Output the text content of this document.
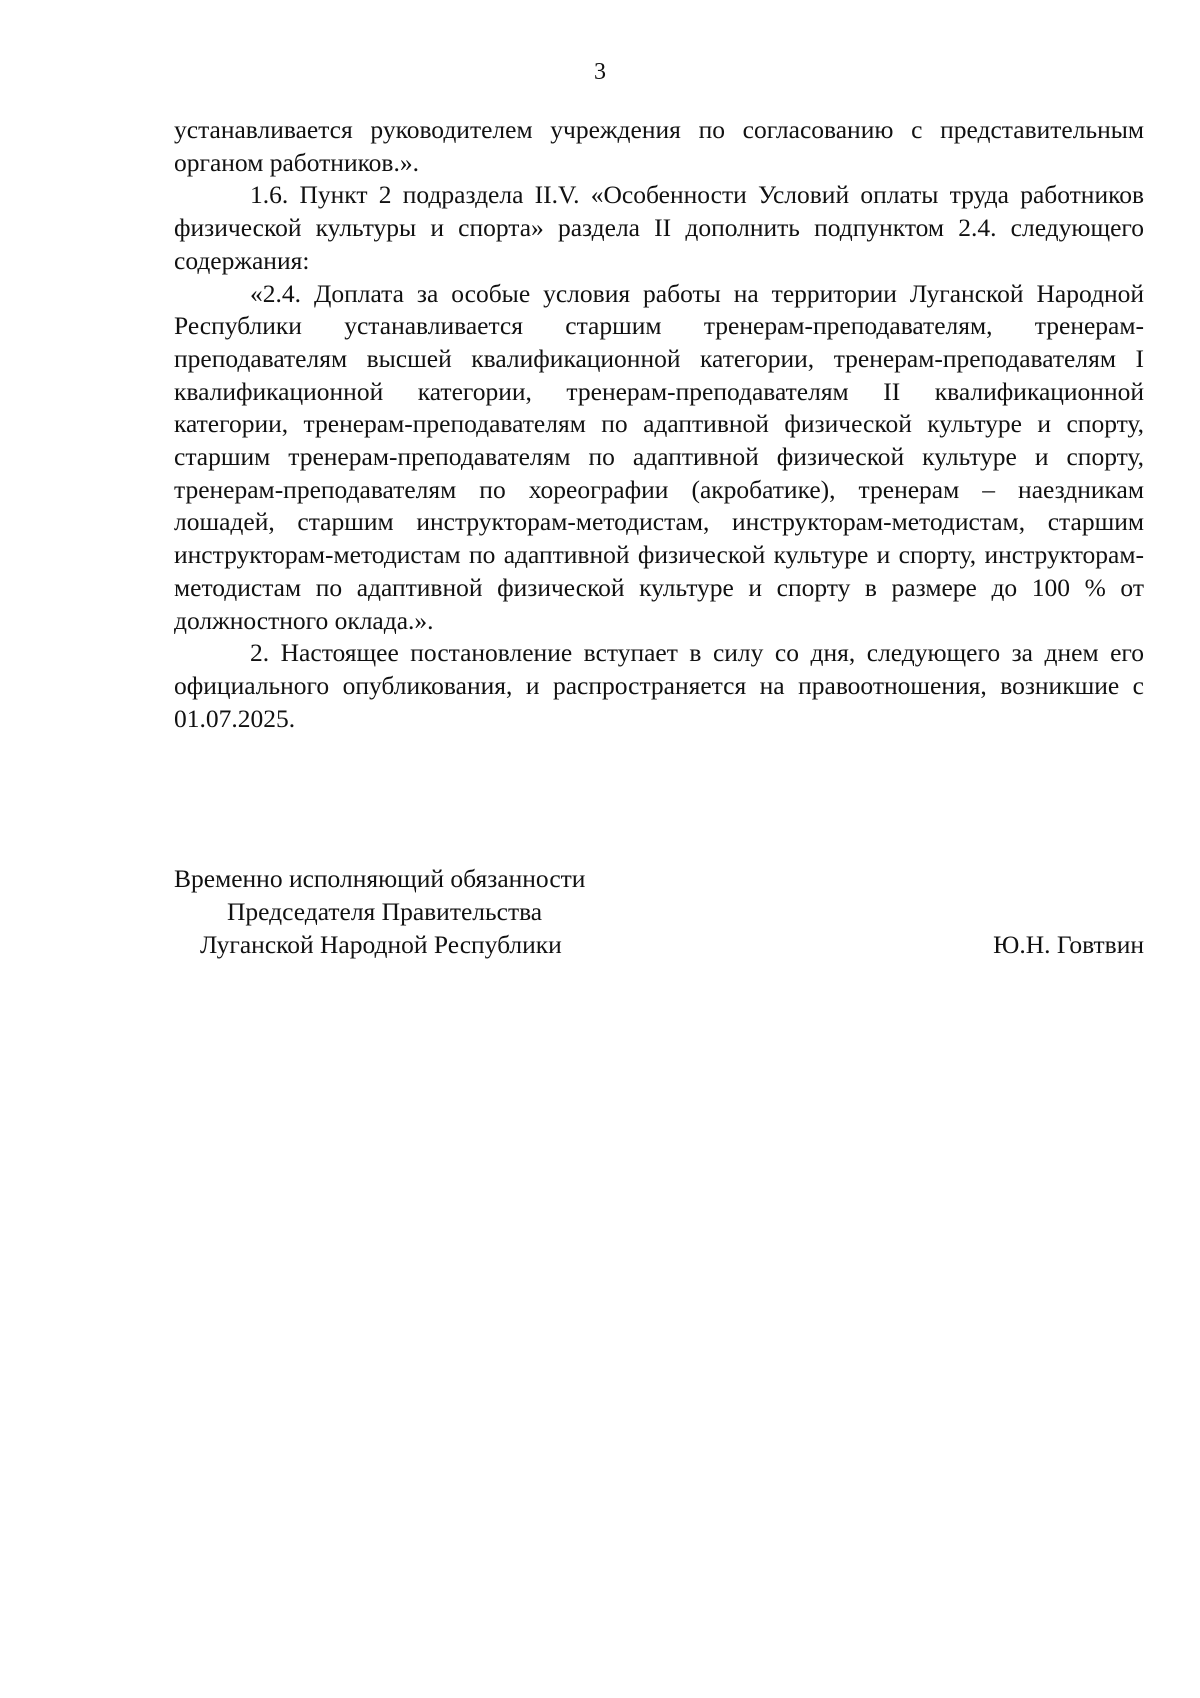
3

устанавливается руководителем учреждения по согласованию с представительным органом работников.».

1.6. Пункт 2 подраздела II.V. «Особенности Условий оплаты труда работников физической культуры и спорта» раздела II дополнить подпунктом 2.4. следующего содержания:

«2.4. Доплата за особые условия работы на территории Луганской Народной Республики устанавливается старшим тренерам-преподавателям, тренерам-преподавателям высшей квалификационной категории, тренерам-преподавателям I квалификационной категории, тренерам-преподавателям II квалификационной категории, тренерам-преподавателям по адаптивной физической культуре и спорту, старшим тренерам-преподавателям по адаптивной физической культуре и спорту, тренерам-преподавателям по хореографии (акробатике), тренерам – наездникам лошадей, старшим инструкторам-методистам, инструкторам-методистам, старшим инструкторам-методистам по адаптивной физической культуре и спорту, инструкторам-методистам по адаптивной физической культуре и спорту в размере до 100 % от должностного оклада.».

2. Настоящее постановление вступает в силу со дня, следующего за днем его официального опубликования, и распространяется на правоотношения, возникшие с 01.07.2025.

Временно исполняющий обязанности
Председателя Правительства
Луганской Народной Республики	Ю.Н. Говтвин
